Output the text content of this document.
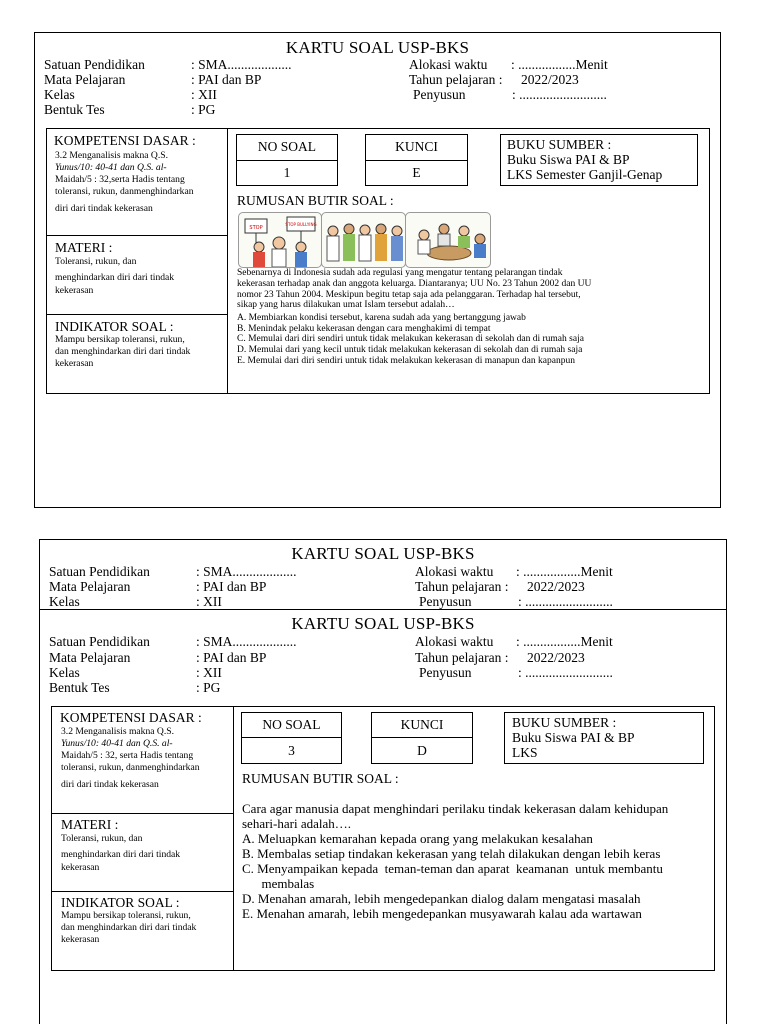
KARTU SOAL USP-BKS
Satuan Pendidikan	: SMA...................	Alokasi waktu : .................Menit
Mata Pelajaran	: PAI dan BP	Tahun pelajaran : 2022/2023
Kelas	: XII	Penyusun	: ..........................
Bentuk Tes	: PG
KOMPETENSI DASAR :
3.2 Menganalisis makna Q.S.
Yunus/10: 40-41 dan Q.S. al-
Maidah/5 : 32,serta Hadis tentang
toleransi, rukun, danmenghindarkan
diri dari tindak kekerasan
MATERI :
Toleransi, rukun, dan
menghindarkan diri dari tindak
kekerasan
INDIKATOR SOAL :
Mampu bersikap toleransi, rukun,
dan menghindarkan diri dari tindak
kekerasan
NO SOAL
1
KUNCI
E
BUKU SUMBER :
Buku Siswa PAI & BP
LKS Semester Ganjil-Genap
RUMUSAN BUTIR SOAL :
STOP
STOP BULLYING
Sebenarnya di Indonesia sudah ada regulasi yang mengatur tentang pelarangan tindak
kekerasan terhadap anak dan anggota keluarga. Diantaranya; UU No. 23 Tahun 2002 dan UU
nomor 23 Tahun 2004. Meskipun begitu tetap saja ada pelanggaran. Terhadap hal tersebut,
sikap yang harus dilakukan umat Islam tersebut adalah…
A. Membiarkan kondisi tersebut, karena sudah ada yang bertanggung jawab
B. Menindak pelaku kekerasan dengan cara menghakimi di tempat
C. Memulai dari diri sendiri untuk tidak melakukan kekerasan di sekolah dan di rumah saja
D. Memulai dari yang kecil untuk tidak melakukan kekerasan di sekolah dan di rumah saja
E. Memulai dari diri sendiri untuk tidak melakukan kekerasan di manapun dan kapanpun
KARTU SOAL USP-BKS
Satuan Pendidikan	: SMA...................	Alokasi waktu : .................Menit
Mata Pelajaran	: PAI dan BP	Tahun pelajaran : 2022/2023
Kelas	: XII	Penyusun	: ..........................
KARTU SOAL USP-BKS
Satuan Pendidikan	: SMA...................	Alokasi waktu : .................Menit
Mata Pelajaran	: PAI dan BP	Tahun pelajaran : 2022/2023
Kelas	: XII	Penyusun	: ..........................
Bentuk Tes	: PG
KOMPETENSI DASAR :
3.2 Menganalisis makna Q.S.
Yunus/10: 40-41 dan Q.S. al-
Maidah/5 : 32, serta Hadis tentang
toleransi, rukun, danmenghindarkan
diri dari tindak kekerasan
MATERI :
Toleransi, rukun, dan
menghindarkan diri dari tindak
kekerasan
INDIKATOR SOAL :
Mampu bersikap toleransi, rukun,
dan menghindarkan diri dari tindak
kekerasan
NO SOAL
3
KUNCI
D
BUKU SUMBER :
Buku Siswa PAI & BP
LKS
RUMUSAN BUTIR SOAL :
Cara agar manusia dapat menghindari perilaku tindak kekerasan dalam kehidupan
sehari-hari adalah….
A. Meluapkan kemarahan kepada orang yang melakukan kesalahan
B. Membalas setiap tindakan kekerasan yang telah dilakukan dengan lebih keras
C. Menyampaikan kepada  teman-teman dan aparat  keamanan  untuk membantu
membalas
D. Menahan amarah, lebih mengedepankan dialog dalam mengatasi masalah
E. Menahan amarah, lebih mengedepankan musyawarah kalau ada wartawan
